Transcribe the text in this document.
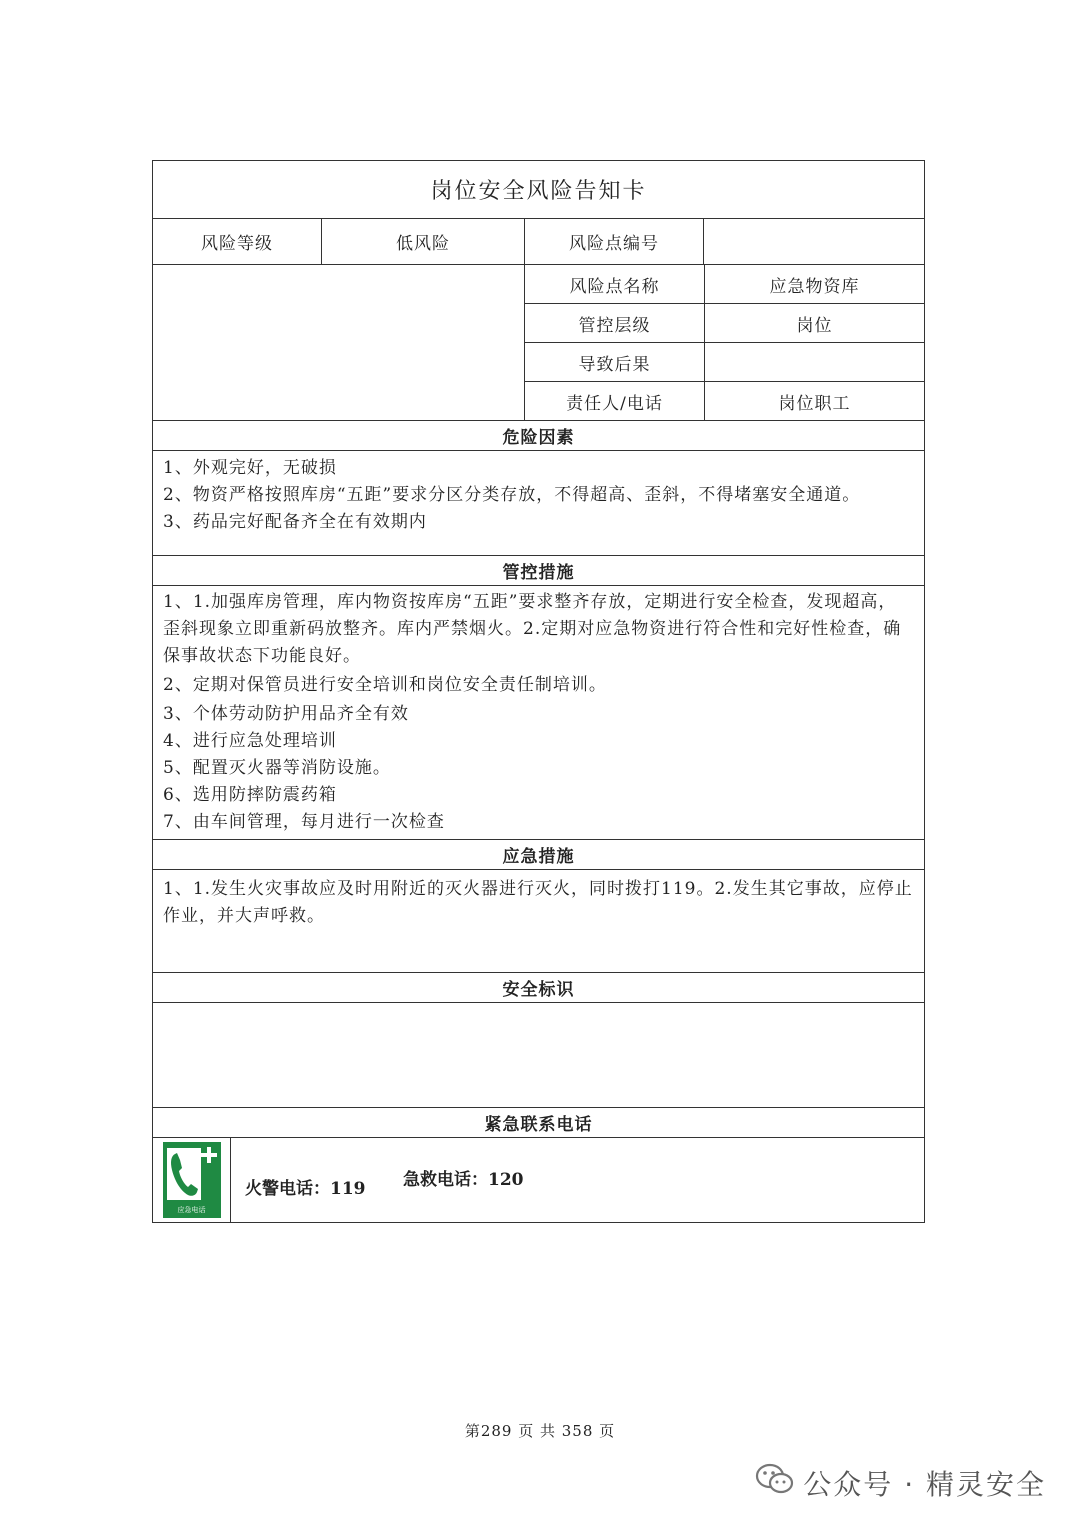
岗位安全风险告知卡
风险等级	低风险	风险点编号
风险点名称	应急物资库
管控层级	岗位
导致后果
责任人/电话	岗位职工
危险因素
1、外观完好，无破损
2、物资严格按照库房“五距”要求分区分类存放，不得超高、歪斜，不得堵塞安全通道。
3、药品完好配备齐全在有效期内
管控措施
1、1.加强库房管理，库内物资按库房“五距”要求整齐存放，定期进行安全检查，发现超高，歪斜现象立即重新码放整齐。库内严禁烟火。2.定期对应急物资进行符合性和完好性检查，确保事故状态下功能良好。
2、定期对保管员进行安全培训和岗位安全责任制培训。
3、个体劳动防护用品齐全有效
4、进行应急处理培训
5、配置灭火器等消防设施。
6、选用防摔防震药箱
7、由车间管理，每月进行一次检查
应急措施
1、1.发生火灾事故应及时用附近的灭火器进行灭火，同时拨打119。2.发生其它事故，应停止作业，并大声呼救。
安全标识
紧急联系电话
应急电话
火警电话：119 急救电话：120
第289 页 共 358 页
公众号 · 精灵安全
